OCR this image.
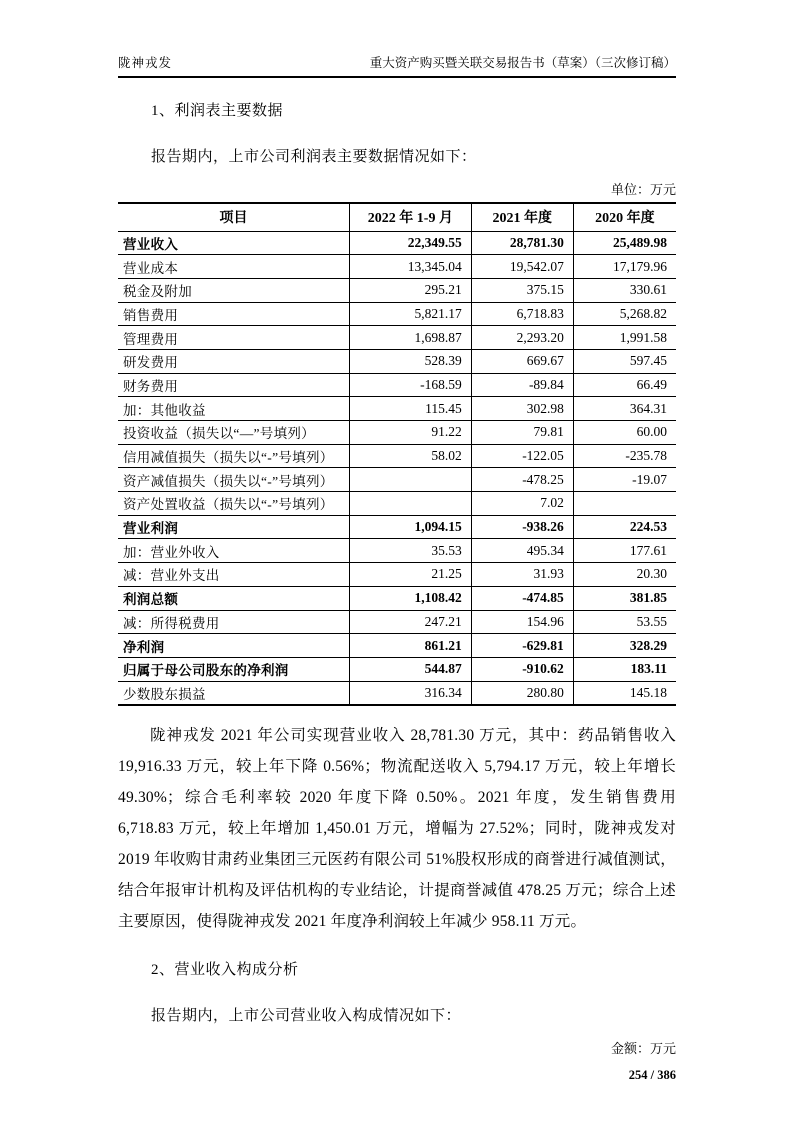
陇神戎发	重大资产购买暨关联交易报告书（草案）（三次修订稿）
1、利润表主要数据
报告期内，上市公司利润表主要数据情况如下：
单位：万元
项目	2022 年 1-9 月	2021 年度	2020 年度
营业收入	22,349.55	28,781.30	25,489.98
营业成本	13,345.04	19,542.07	17,179.96
税金及附加	295.21	375.15	330.61
销售费用	5,821.17	6,718.83	5,268.82
管理费用	1,698.87	2,293.20	1,991.58
研发费用	528.39	669.67	597.45
财务费用	-168.59	-89.84	66.49
加：其他收益	115.45	302.98	364.31
投资收益（损失以“—”号填列）	91.22	79.81	60.00
信用减值损失（损失以“-”号填列）	58.02	-122.05	-235.78
资产减值损失（损失以“-”号填列）		-478.25	-19.07
资产处置收益（损失以“-”号填列）		7.02	
营业利润	1,094.15	-938.26	224.53
加：营业外收入	35.53	495.34	177.61
减：营业外支出	21.25	31.93	20.30
利润总额	1,108.42	-474.85	381.85
减：所得税费用	247.21	154.96	53.55
净利润	861.21	-629.81	328.29
归属于母公司股东的净利润	544.87	-910.62	183.11
少数股东损益	316.34	280.80	145.18
陇神戎发 2021 年公司实现营业收入 28,781.30 万元，其中：药品销售收入 19,916.33 万元，较上年下降 0.56%；物流配送收入 5,794.17 万元，较上年增长 49.30%；综合毛利率较 2020 年度下降 0.50%。2021 年度，发生销售费用 6,718.83 万元，较上年增加 1,450.01 万元，增幅为 27.52%；同时，陇神戎发对 2019 年收购甘肃药业集团三元医药有限公司 51%股权形成的商誉进行减值测试，结合年报审计机构及评估机构的专业结论，计提商誉减值 478.25 万元；综合上述主要原因，使得陇神戎发 2021 年度净利润较上年减少 958.11 万元。
2、营业收入构成分析
报告期内，上市公司营业收入构成情况如下：
金额：万元
254 / 386
